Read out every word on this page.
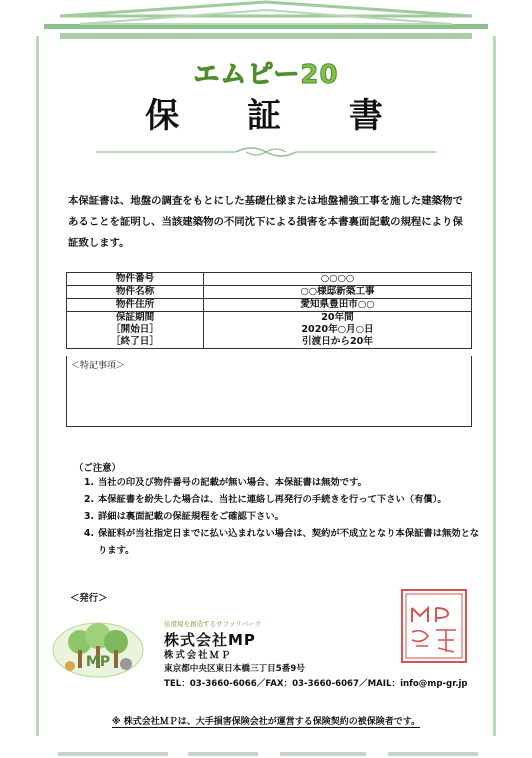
エムピー20
保 証 書
本保証書は、地盤の調査をもとにした基礎仕様または地盤補強工事を施した建築物であることを証明し、当該建築物の不同沈下による損害を本書裏面記載の規程により保証致します。
物件番号	○○○○
物件名称	○○様邸新築工事
物件住所	愛知県豊田市○○
保証期間	20年間
［開始日］	2020年○月○日
［終了日］	引渡日から20年
＜特記事項＞
（ご注意）
1. 当社の印及び物件番号の記載が無い場合、本保証書は無効です。
2. 本保証書を紛失した場合は、当社に連絡し再発行の手続きを行って下さい（有償）。
3. 詳細は裏面記載の保証規程をご確認下さい。
4. 保証料が当社指定日までに払い込まれない場合は、契約が不成立となり本保証書は無効となります。
＜発行＞
MP
住環境を創造するサファリパーク
株式会社MP
株式会社ＭＰ
東京都中央区東日本橋三丁目5番9号
TEL：03-3660-6066／FAX：03-3660-6067／MAIL：info@mp-gr.jp
※ 株式会社ＭＰは、大手損害保険会社が運営する保険契約の被保険者です。
